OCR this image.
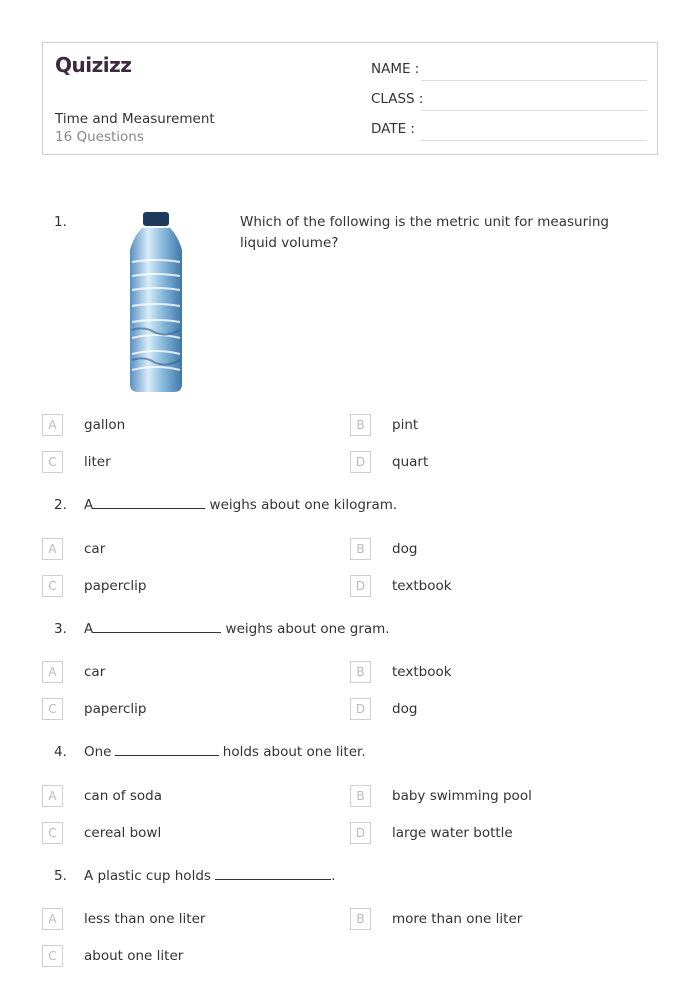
Quizizz
Time and Measurement
16 Questions
NAME :
CLASS :
DATE :
1.	Which of the following is the metric unit for measuring liquid volume?
A	gallon	B	pint
C	liter	D	quart
2. A	weighs about one kilogram.
A	car	B	dog
C	paperclip	D	textbook
3. A	weighs about one gram.
A	car	B	textbook
C	paperclip	D	dog
4. One	holds about one liter.
A	can of soda	B	baby swimming pool
C	cereal bowl	D	large water bottle
5. A plastic cup holds	.
A	less than one liter	B	more than one liter
C	about one liter
